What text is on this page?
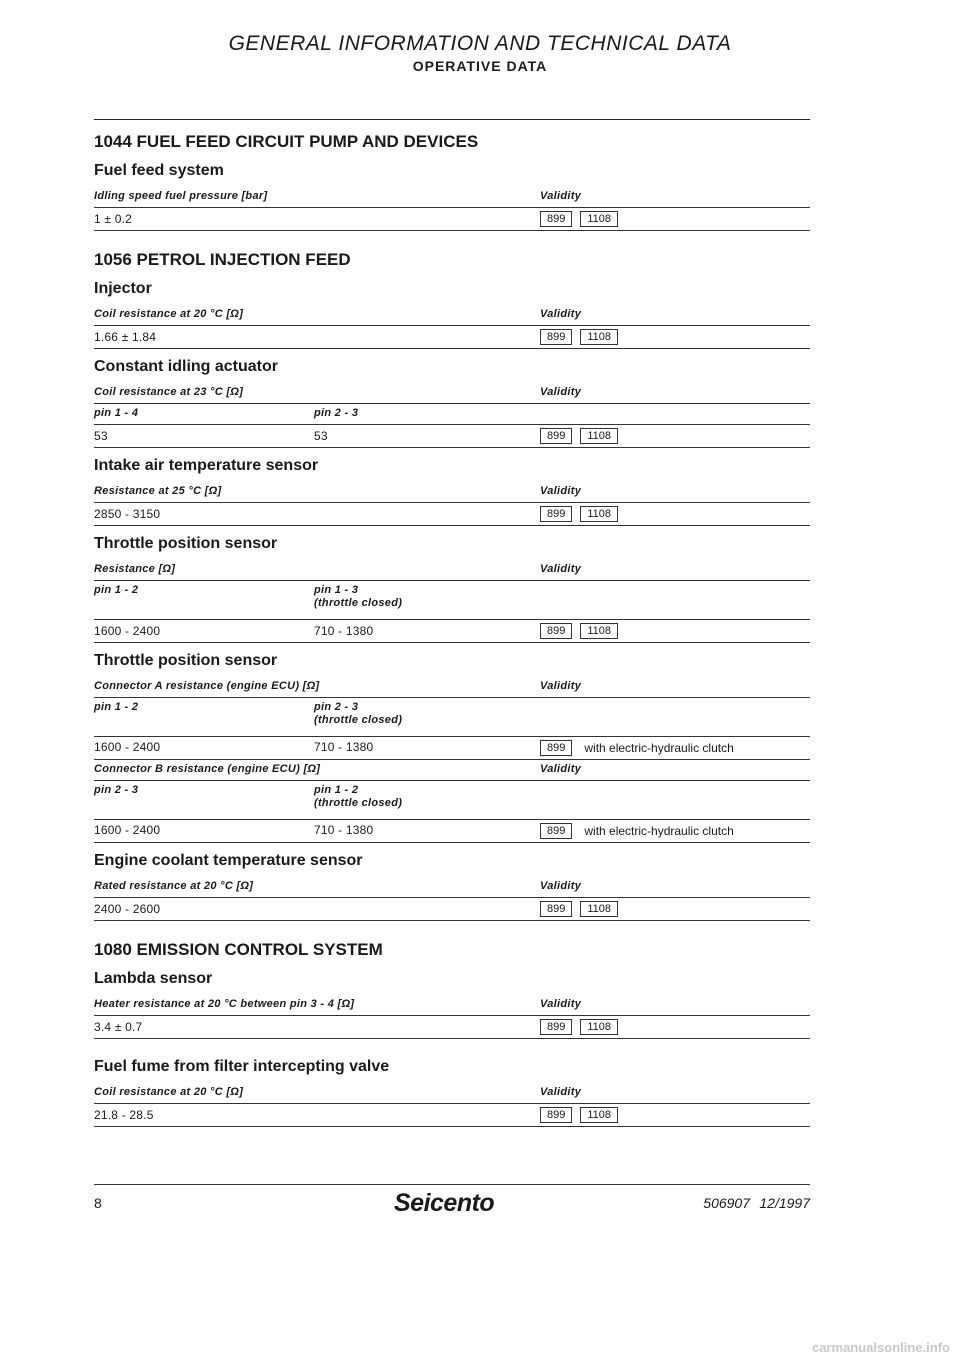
GENERAL INFORMATION AND TECHNICAL DATA
OPERATIVE DATA
1044 FUEL FEED CIRCUIT PUMP AND DEVICES
Fuel feed system
Idling speed fuel pressure [bar]	Validity
1 ± 0.2	899 1108
1056 PETROL INJECTION FEED
Injector
Coil resistance at 20 °C [Ω]	Validity
1.66 ± 1.84	899 1108
Constant idling actuator
Coil resistance at 23 °C [Ω]	Validity
pin 1 - 4	pin 2 - 3
53	53	899 1108
Intake air temperature sensor
Resistance at 25 °C [Ω]	Validity
2850 - 3150	899 1108
Throttle position sensor
Resistance [Ω]	Validity
pin 1 - 2	pin 1 - 3
(throttle closed)
1600 - 2400	710 - 1380	899 1108
Throttle position sensor
Connector A resistance (engine ECU) [Ω]	Validity
pin 1 - 2	pin 2 - 3
(throttle closed)
1600 - 2400	710 - 1380	899 with electric-hydraulic clutch
Connector B resistance (engine ECU) [Ω]	Validity
pin 2 - 3	pin 1 - 2
(throttle closed)
1600 - 2400	710 - 1380	899 with electric-hydraulic clutch
Engine coolant temperature sensor
Rated resistance at 20 °C [Ω]	Validity
2400 - 2600	899 1108
1080 EMISSION CONTROL SYSTEM
Lambda sensor
Heater resistance at 20 °C between pin 3 - 4 [Ω]	Validity
3.4 ± 0.7	899 1108
Fuel fume from filter intercepting valve
Coil resistance at 20 °C [Ω]	Validity
21.8 - 28.5	899 1108
8	Seicento	506907 12/1997
carmanualsonline.info
